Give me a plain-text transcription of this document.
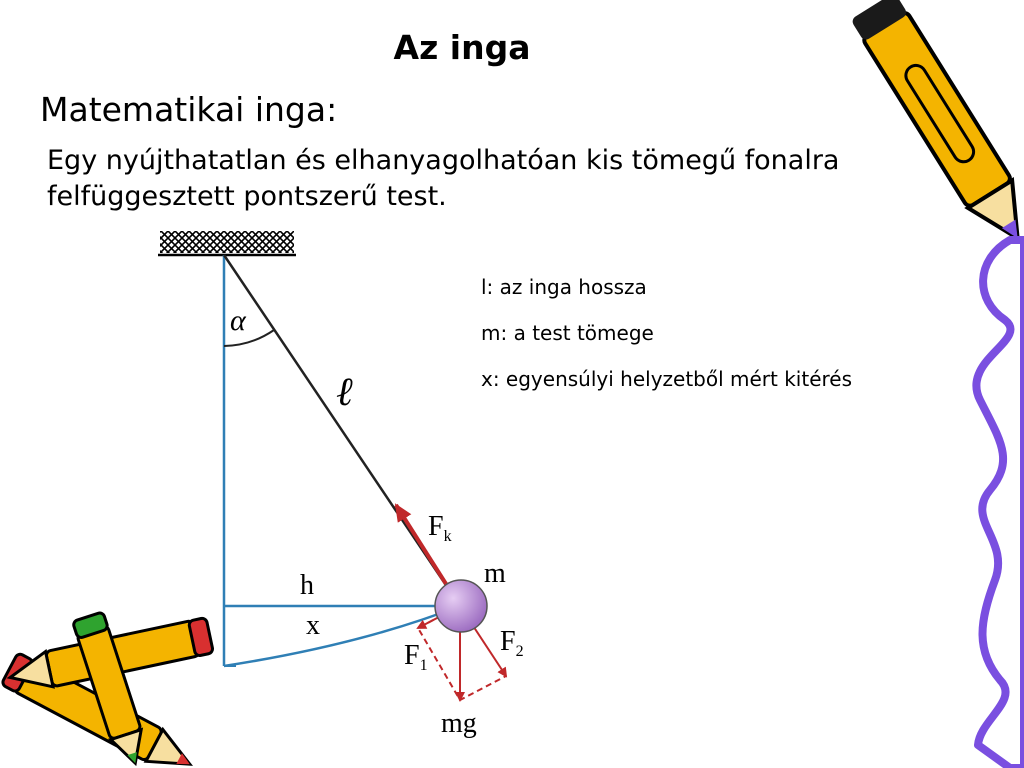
Az inga
Matematikai inga:

Egy nyújthatatlan és elhanyagolhatóan kis tömegű fonalra felfüggesztett pontszerű test.

l: az inga hossza
m: a test tömege
x: egyensúlyi helyzetből mért kitérés
α
ℓ
$F_k$
m
h
x
$F_1$
$F_2$
mg
